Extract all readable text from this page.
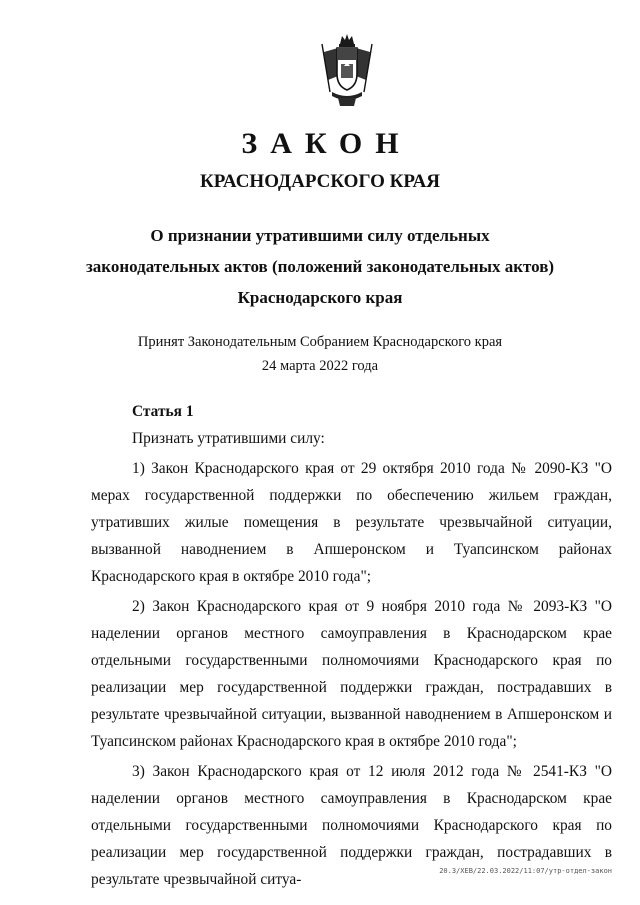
ЗАКОН
КРАСНОДАРСКОГО КРАЯ
О признании утратившими силу отдельных
законодательных актов (положений законодательных актов)
Краснодарского края
Принят Законодательным Собранием Краснодарского края
24 марта 2022 года

Статья 1

Признать утратившими силу:

1) Закон Краснодарского края от 29 октября 2010 года № 2090-КЗ "О мерах государственной поддержки по обеспечению жильем граждан, утративших жилые помещения в результате чрезвычайной ситуации, вызванной наводнением в Апшеронском и Туапсинском районах Краснодарского края в октябре 2010 года";

2) Закон Краснодарского края от 9 ноября 2010 года № 2093-КЗ "О наделении органов местного самоуправления в Краснодарском крае отдельными государственными полномочиями Краснодарского края по реализации мер государственной поддержки граждан, пострадавших в результате чрезвычайной ситуации, вызванной наводнением в Апшеронском и Туапсинском районах Краснодарского края в октябре 2010 года";

3) Закон Краснодарского края от 12 июля 2012 года № 2541-КЗ "О наделении органов местного самоуправления в Краснодарском крае отдельными государственными полномочиями Краснодарского края по реализации мер государственной поддержки граждан, пострадавших в результате чрезвычайной ситуа-	20.3/ХЕВ/22.03.2022/11:07/утр-отдел-закон
